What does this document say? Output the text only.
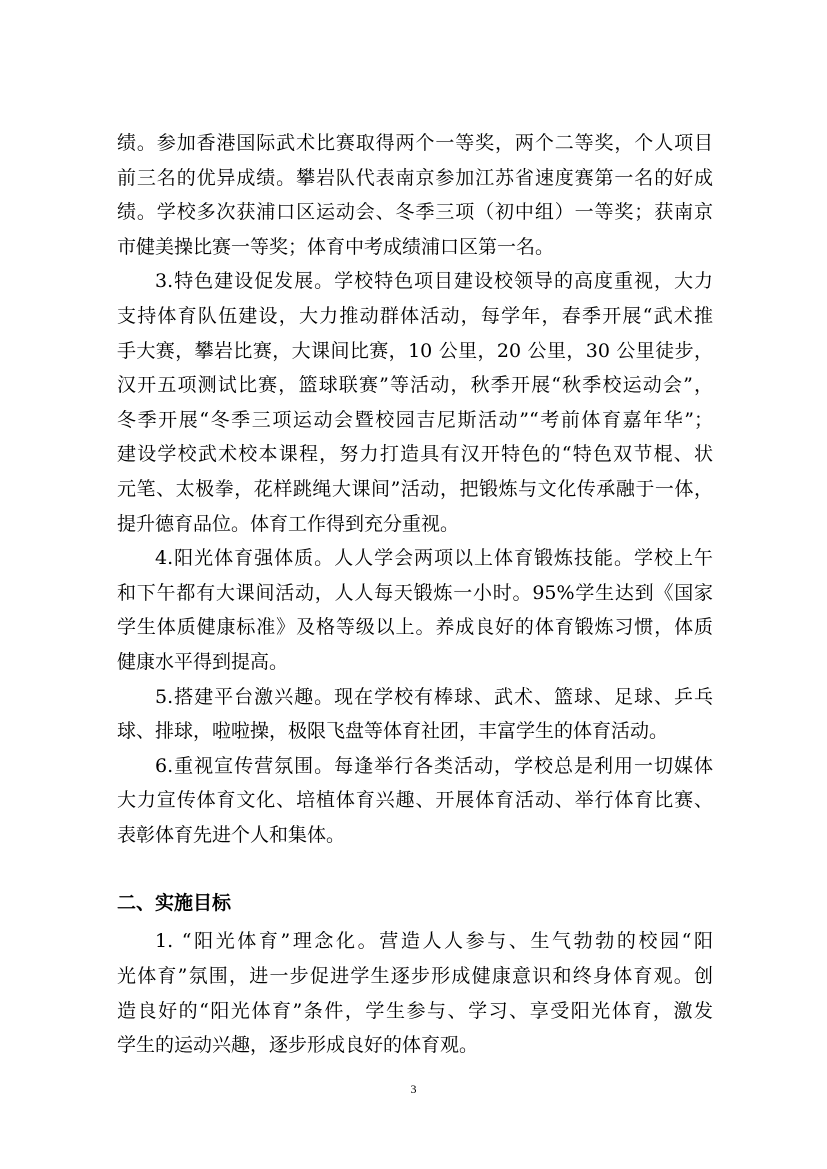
绩。参加香港国际武术比赛取得两个一等奖，两个二等奖，个人项目
前三名的优异成绩。攀岩队代表南京参加江苏省速度赛第一名的好成
绩。学校多次获浦口区运动会、冬季三项（初中组）一等奖；获南京
市健美操比赛一等奖；体育中考成绩浦口区第一名。
3.特色建设促发展。学校特色项目建设校领导的高度重视，大力
支持体育队伍建设，大力推动群体活动，每学年，春季开展“武术推
手大赛，攀岩比赛，大课间比赛，10 公里，20 公里，30 公里徒步，
汉开五项测试比赛，篮球联赛”等活动，秋季开展“秋季校运动会”，
冬季开展“冬季三项运动会暨校园吉尼斯活动”“考前体育嘉年华”；
建设学校武术校本课程，努力打造具有汉开特色的“特色双节棍、状
元笔、太极拳，花样跳绳大课间”活动，把锻炼与文化传承融于一体，
提升德育品位。体育工作得到充分重视。
4.阳光体育强体质。人人学会两项以上体育锻炼技能。学校上午
和下午都有大课间活动，人人每天锻炼一小时。95%学生达到《国家
学生体质健康标准》及格等级以上。养成良好的体育锻炼习惯，体质
健康水平得到提高。
5.搭建平台激兴趣。现在学校有棒球、武术、篮球、足球、乒乓
球、排球，啦啦操，极限飞盘等体育社团，丰富学生的体育活动。
6.重视宣传营氛围。每逢举行各类活动，学校总是利用一切媒体
大力宣传体育文化、培植体育兴趣、开展体育活动、举行体育比赛、
表彰体育先进个人和集体。
二、实施目标
1. “阳光体育”理念化。营造人人参与、生气勃勃的校园“阳
光体育”氛围，进一步促进学生逐步形成健康意识和终身体育观。创
造良好的“阳光体育”条件，学生参与、学习、享受阳光体育，激发
学生的运动兴趣，逐步形成良好的体育观。
3
